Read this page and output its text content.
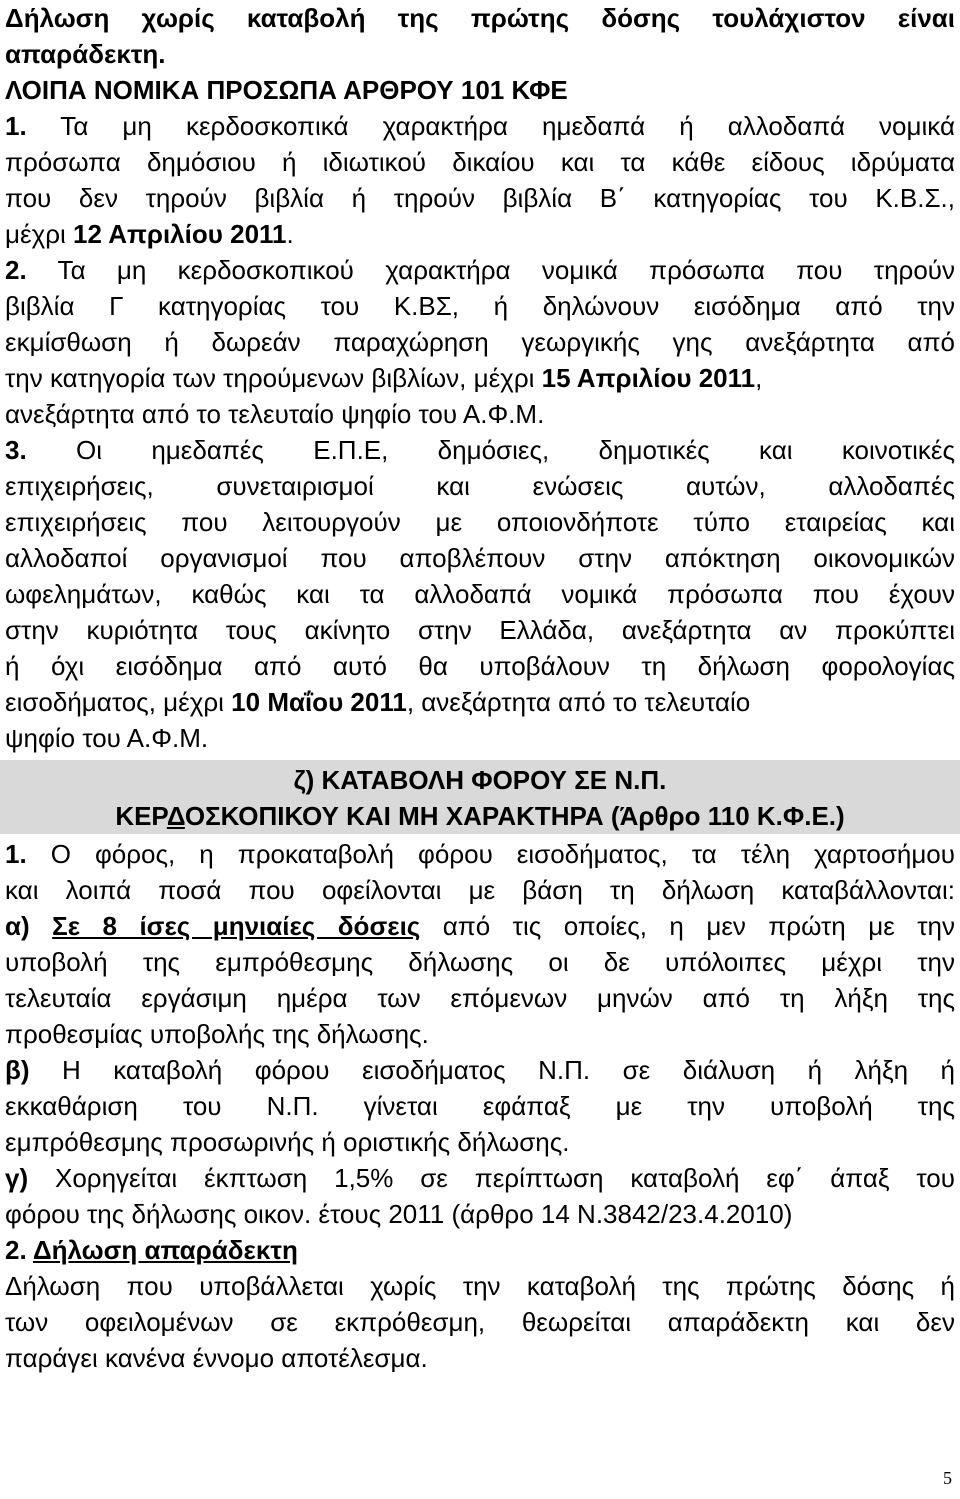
Δήλωση χωρίς καταβολή της πρώτης δόσης τουλάχιστον είναι
απαράδεκτη.
ΛΟΙΠΑ ΝΟΜΙΚΑ ΠΡΟΣΩΠΑ ΑΡΘΡΟΥ 101 ΚΦΕ
1. Τα μη κερδοσκοπικά χαρακτήρα ημεδαπά ή αλλοδαπά νομικά
πρόσωπα δημόσιου ή ιδιωτικού δικαίου και τα κάθε είδους ιδρύματα
που δεν τηρούν βιβλία ή τηρούν βιβλία Β΄ κατηγορίας του Κ.Β.Σ.,
μέχρι 12 Απριλίου 2011.
2. Τα μη κερδοσκοπικού χαρακτήρα νομικά πρόσωπα που τηρούν
βιβλία Γ κατηγορίας του Κ.ΒΣ, ή δηλώνουν εισόδημα από την
εκμίσθωση ή δωρεάν παραχώρηση γεωργικής γης ανεξάρτητα από
την κατηγορία των τηρούμενων βιβλίων, μέχρι 15 Απριλίου 2011,
ανεξάρτητα από το τελευταίο ψηφίο του Α.Φ.Μ.
3. Οι ημεδαπές Ε.Π.Ε, δημόσιες, δημοτικές και κοινοτικές
επιχειρήσεις, συνεταιρισμοί και ενώσεις αυτών, αλλοδαπές
επιχειρήσεις που λειτουργούν με οποιονδήποτε τύπο εταιρείας και
αλλοδαποί οργανισμοί που αποβλέπουν στην απόκτηση οικονομικών
ωφελημάτων, καθώς και τα αλλοδαπά νομικά πρόσωπα που έχουν
στην κυριότητα τους ακίνητο στην Ελλάδα, ανεξάρτητα αν προκύπτει
ή όχι εισόδημα από αυτό θα υποβάλουν τη δήλωση φορολογίας
εισοδήματος, μέχρι 10 Μαΐου 2011, ανεξάρτητα από το τελευταίο
ψηφίο του Α.Φ.Μ.
ζ) ΚΑΤΑΒΟΛΗ ΦΟΡΟΥ ΣΕ Ν.Π.
ΚΕΡΔΟΣΚΟΠΙΚΟΥ ΚΑΙ ΜΗ ΧΑΡΑΚΤΗΡΑ (Άρθρο 110 Κ.Φ.Ε.)
1. Ο φόρος, η προκαταβολή φόρου εισοδήματος, τα τέλη χαρτοσήμου
και λοιπά ποσά που οφείλονται με βάση τη δήλωση καταβάλλονται:
α) Σε 8 ίσες μηνιαίες δόσεις από τις οποίες, η μεν πρώτη με την
υποβολή της εμπρόθεσμης δήλωσης οι δε υπόλοιπες μέχρι την
τελευταία εργάσιμη ημέρα των επόμενων μηνών από τη λήξη της
προθεσμίας υποβολής της δήλωσης.
β) Η καταβολή φόρου εισοδήματος Ν.Π. σε διάλυση ή λήξη ή
εκκαθάριση του Ν.Π. γίνεται εφάπαξ με την υποβολή της
εμπρόθεσμης προσωρινής ή οριστικής δήλωσης.
γ) Χορηγείται έκπτωση 1,5% σε περίπτωση καταβολή εφ΄ άπαξ του
φόρου της δήλωσης οικον. έτους 2011 (άρθρο 14 Ν.3842/23.4.2010)
2. Δήλωση απαράδεκτη
Δήλωση που υποβάλλεται χωρίς την καταβολή της πρώτης δόσης ή
των οφειλομένων σε εκπρόθεσμη, θεωρείται απαράδεκτη και δεν
παράγει κανένα έννομο αποτέλεσμα.
5
